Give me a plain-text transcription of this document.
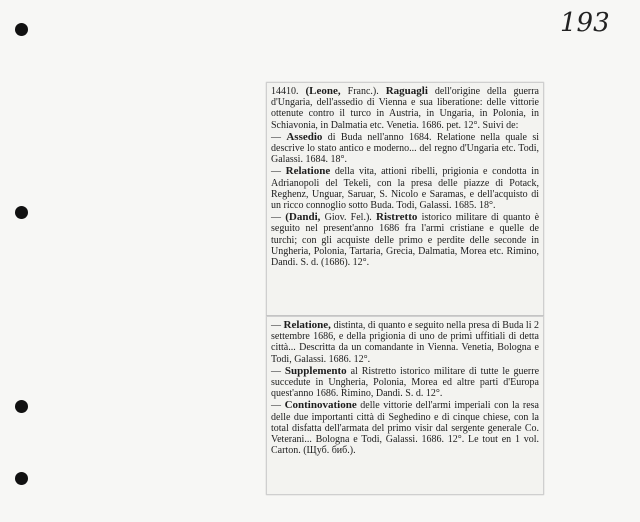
193

14410. (Leone, Franc.). Raguagli dell'origine della guerra d'Ungaria, dell'assedio di Vienna e sua liberatione: delle vittorie ottenute contro il turco in Austria, in Ungaria, in Polonia, in Schiavonia, in Dalmatia etc. Venetia. 1686. pet. 12°. Suivi de:

— Assedio di Buda nell'anno 1684. Relatione nella quale si descrive lo stato antico e moderno... del regno d'Ungaria etc. Todi, Galassi. 1684. 18°.

— Relatione della vita, attioni ribelli, prigionia e condotta in Adrianopoli del Tekeli, con la presa delle piazze di Potack, Reghenz, Unguar, Saruar, S. Nicolo e Saramas, e dell'acquisto di un ricco connoglio sotto Buda. Todi, Galassi. 1685. 18°.

— (Dandi, Giov. Fel.). Ristretto istorico militare di quanto è seguito nel present'anno 1686 fra l'armi cristiane e quelle de turchi; con gli acquiste delle primo e perdite delle seconde in Ungheria, Polonia, Tartaria, Grecia, Dalmatia, Morea etc. Rimino, Dandi. S. d. (1686). 12°.

— Relatione, distinta, di quanto e seguito nella presa di Buda li 2 settembre 1686, e della prigionia di uno de primi uffitiali di detta città... Descritta da un comandante in Vienna. Venetia, Bologna e Todi, Galassi. 1686. 12°.

— Supplemento al Ristretto istorico militare di tutte le guerre succedute in Ungheria, Polonia, Morea ed altre parti d'Europa quest'anno 1686. Rimino, Dandi. S. d. 12°.

— Continovatione delle vittorie dell'armi imperiali con la resa delle due importanti città di Seghedino e di cinque chiese, con la total disfatta dell'armata del primo visir dal sergente generale Co. Veterani... Bologna e Todi, Galassi. 1686. 12°. Le tout en 1 vol. Carton. (Щуб. биб.).
